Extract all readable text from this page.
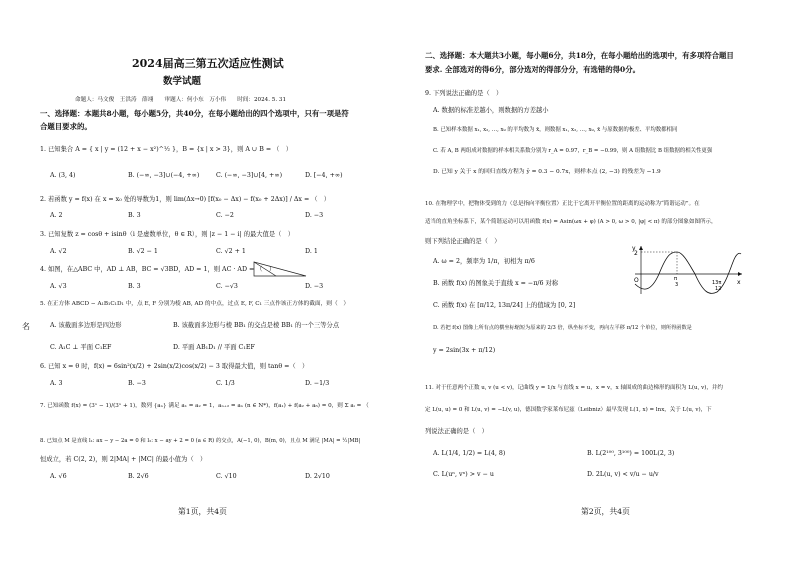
2024届高三第五次适应性测试
数学试题
命题人：马文俊　王洪涛　薛翊　　审题人：何小东　万小伟　　时间：2024. 5. 31
一、选择题：本题共8小题，每小题5分，共40分，在每小题给出的四个选项中，只有一项是符
合题目要求的。
1. 已知集合 A = { x | y = (12 + x − x²)^½ }，B = {x | x > 3}，则 A ∪ B = （　）
A. (3, 4)	B. (−∞, −3]∪(−4, +∞)	C. (−∞, −3]∪[4, +∞)	D. [−4, +∞)
2. 若函数 y = f(x) 在 x = x₀ 处的导数为1，则 lim(Δx→0) [f(x₀ − Δx) − f(x₀ + 2Δx)] / Δx = （　）
A. 2	B. 3	C. −2	D. −3
3. 已知复数 z = cosθ + isinθ（i 是虚数单位，θ ∈ R），则 |z − 1 − i| 的最大值是（　）
A. √2	B. √2 − 1	C. √2 + 1	D. 1
4. 如图，在△ABC 中，AD ⊥ AB，BC = √3BD，AD = 1，则 AC · AD = （　）
A. √3	B. 3	C. −√3	D. −3
5. 在正方体 ABCD − A₁B₁C₁D₁ 中，点 E, F 分别为棱 AB, AD 的中点，过点 E, F, C₁ 三点作该正方体的截面，则（　）
A. 该截面多边形是四边形	B. 该截面多边形与棱 BB₁ 的交点是棱 BB₁ 的一个三等分点
C. A₁C ⊥ 平面 C₁EF	D. 平面 AB₁D₁ // 平面 C₁EF
6. 已知 x = θ 时，f(x) = 6sin²(x/2) + 2sin(x/2)cos(x/2) − 3 取得最大值，则 tanθ =（　）
A. 3	B. −3	C. 1/3	D. −1/3
7. 已知函数 f(x) = (3ˣ − 1)/(3ˣ + 1)，数列 {aₙ} 满足 a₁ = a₂ = 1，aₙ₊₂ = aₙ (n ∈ N*)，f(a₁) + f(a₂ + a₆) = 0，则 Σ aᵢ = （
8. 已知点 M 是直线 l₁: ax − y − 2a = 0 和 l₂: x − ay + 2 = 0 (a ∈ R) 的交点，A(−1, 0)，B(m, 0)，且点 M 满足 |MA| = ½|MB|
恒成立，若 C(2, 2)，则 2|MA| + |MC| 的最小值为（　）
A. √6	B. 2√6	C. √10	D. 2√10
第1页，共4页
名
二、选择题：本大题共3小题，每小题6分，共18分，在每小题给出的选项中，有多项符合题目
要求. 全部选对的得6分，部分选对的得部分分，有选错的得0分。
9. 下列说法正确的是（　）
A. 数据的标准差越小，则数据的方差越小
B. 已知样本数据 x₁, x₂, …, x₉ 的平均数为 x̄，则数据 x₁, x₂, …, x₉, x̄ 与原数据的极差、平均数都相同
C. 若 A, B 两组成对数据的样本相关系数分别为 r_A = 0.97，r_B = −0.99，则 A 组数据比 B 组数据的相关性更强
D. 已知 y 关于 x 的回归直线方程为 ŷ = 0.3 − 0.7x，则样本点 (2, −3) 的残差为 −1.9
10. 在物理学中，把物体受到的力（总是指向平衡位置）正比于它离开平衡位置的距离的运动称为“简谐运动”。在
适当的直角坐标系下，某个简谐运动可以用函数 f(x) = Asin(ωx + φ) (A > 0, ω > 0, |φ| < π) 的部分图象如图所示，
则下列结论正确的是（　）
A. ω = 2，频率为 1/π，初相为 π/6
B. 函数 f(x) 的图象关于直线 x = −π/6 对称
C. 函数 f(x) 在 [π/12, 13π/24] 上的值域为 [0, 2]
D. 若把 f(x) 图像上所有点的横坐标缩短为原来的 2/3 倍，纵坐标不变，再向左平移 π/12 个单位，则所得函数是
y = 2sin(3x + π/12)
y
x
O
2
π
3	13π
12
11. 对于任意两个正数 u, v (u < v)，记曲线 y = 1/x 与直线 x = u，x = v，x 轴围成的曲边梯形的面积为 L(u, v)，并约
定 L(u, u) = 0 和 L(u, v) = −L(v, u)，德国数学家莱布尼兹（Leibniz）最早发现 L(1, x) = lnx，关于 L(u, v)，下
列说法正确的是（　）
A. L(1/4, 1/2) = L(4, 8)	B. L(2¹⁰⁰, 3¹⁰⁰) = 100L(2, 3)
C. L(uⁿ, vⁿ) > v − u	D. 2L(u, v) < v/u − u/v
第2页，共4页
